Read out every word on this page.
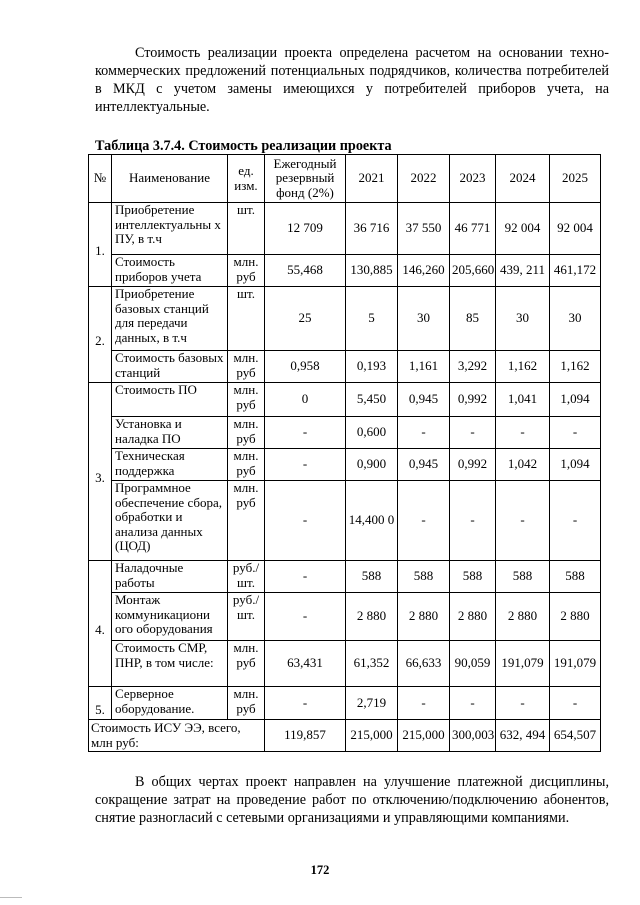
Стоимость реализации проекта определена расчетом на основании техно-коммерческих предложений потенциальных подрядчиков, количества потребителей в МКД с учетом замены имеющихся у потребителей приборов учета, на интеллектуальные.

Таблица 3.7.4. Стоимость реализации проекта
№	Наименование	ед. изм.	Ежегодный резервный фонд (2%)	2021	2022	2023	2024	2025
1.	Приобретение интеллектуальны х ПУ, в т.ч	шт.	12 709	36 716	37 550	46 771	92 004	92 004
	Стоимость приборов учета	млн. руб	55,468	130,885	146,260	205,660	439, 211	461,172
2.	Приобретение базовых станций для передачи данных, в т.ч	шт.	25	5	30	85	30	30
	Стоимость базовых станций	млн. руб	0,958	0,193	1,161	3,292	1,162	1,162
3.	Стоимость ПО	млн. руб	0	5,450	0,945	0,992	1,041	1,094
	Установка и наладка ПО	млн. руб	-	0,600	-	-	-	-
	Техническая поддержка	млн. руб	-	0,900	0,945	0,992	1,042	1,094
	Программное обеспечение сбора, обработки и анализа данных (ЦОД)	млн. руб	-	14,400 0	-	-	-	-
4.	Наладочные работы	руб./ шт.	-	588	588	588	588	588
	Монтаж коммуникациони ого оборудования	руб./ шт.	-	2 880	2 880	2 880	2 880	2 880
	Стоимость СМР, ПНР, в том числе:	млн. руб	63,431	61,352	66,633	90,059	191,079	191,079
5.	Серверное оборудование.	млн. руб	-	2,719	-	-	-	-
Стоимость ИСУ ЭЭ, всего, млн руб:			119,857	215,000	215,000	300,003	632, 494	654,507

В общих чертах проект направлен на улучшение платежной дисциплины, сокращение затрат на проведение работ по отключению/подключению абонентов, снятие разногласий с сетевыми организациями и управляющими компаниями.

172
